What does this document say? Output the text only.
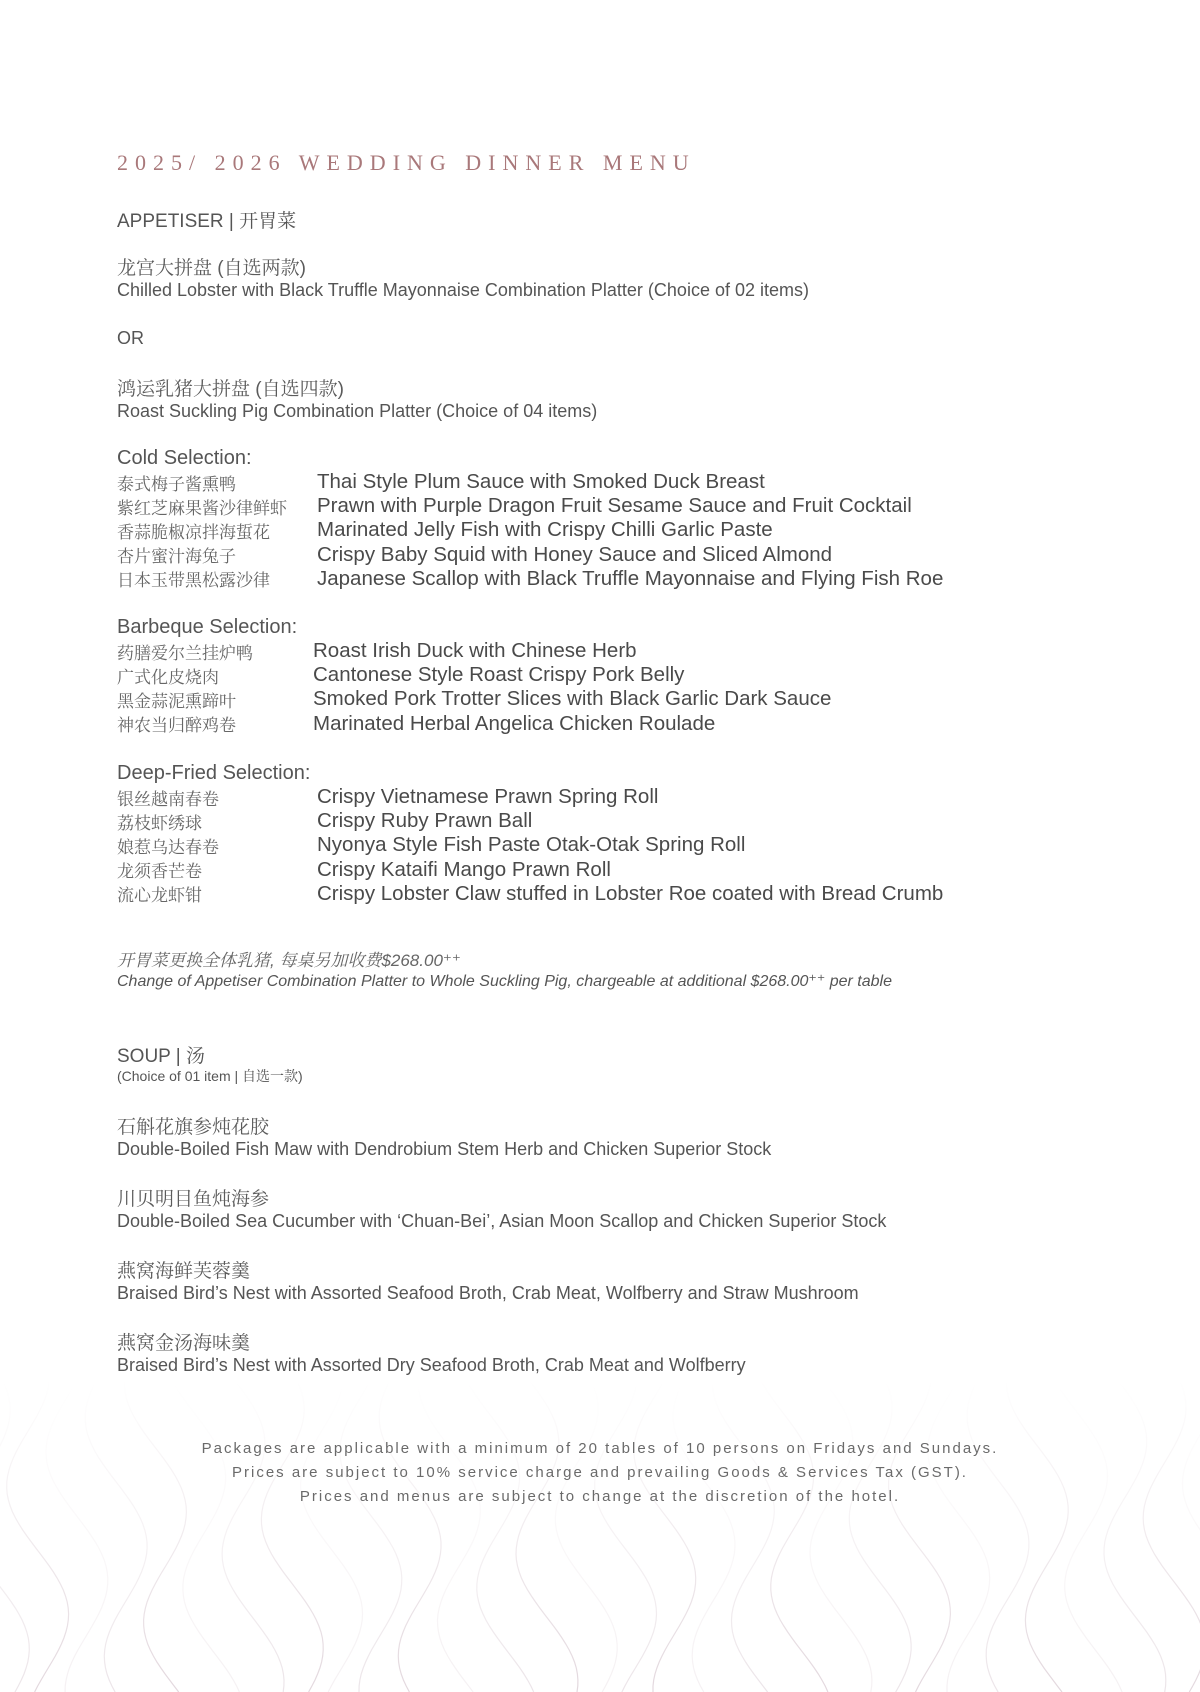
2025/ 2026 WEDDING DINNER MENU
APPETISER | 开胃菜
龙宫大拼盘 (自选两款)
Chilled Lobster with Black Truffle Mayonnaise Combination Platter (Choice of 02 items)
OR
鸿运乳猪大拼盘 (自选四款)
Roast Suckling Pig Combination Platter (Choice of 04 items)
Cold Selection:
泰式梅子酱熏鸭	Thai Style Plum Sauce with Smoked Duck Breast
紫红芝麻果酱沙律鲜虾	Prawn with Purple Dragon Fruit Sesame Sauce and Fruit Cocktail
香蒜脆椒凉拌海蜇花	Marinated Jelly Fish with Crispy Chilli Garlic Paste
杏片蜜汁海兔子	Crispy Baby Squid with Honey Sauce and Sliced Almond
日本玉带黑松露沙律	Japanese Scallop with Black Truffle Mayonnaise and Flying Fish Roe
Barbeque Selection:
药膳爱尔兰挂炉鸭	Roast Irish Duck with Chinese Herb
广式化皮烧肉	Cantonese Style Roast Crispy Pork Belly
黑金蒜泥熏蹄叶	Smoked Pork Trotter Slices with Black Garlic Dark Sauce
神农当归醉鸡卷	Marinated Herbal Angelica Chicken Roulade
Deep-Fried Selection:
银丝越南春卷	Crispy Vietnamese Prawn Spring Roll
荔枝虾绣球	Crispy Ruby Prawn Ball
娘惹乌达春卷	Nyonya Style Fish Paste Otak-Otak Spring Roll
龙须香芒卷	Crispy Kataifi Mango Prawn Roll
流心龙虾钳	Crispy Lobster Claw stuffed in Lobster Roe coated with Bread Crumb
开胃菜更换全体乳猪, 每桌另加收费$268.00⁺⁺
Change of Appetiser Combination Platter to Whole Suckling Pig, chargeable at additional $268.00⁺⁺ per table
SOUP | 汤
(Choice of 01 item | 自选一款)
石斛花旗参炖花胶
Double-Boiled Fish Maw with Dendrobium Stem Herb and Chicken Superior Stock
川贝明目鱼炖海参
Double-Boiled Sea Cucumber with ‘Chuan-Bei’, Asian Moon Scallop and Chicken Superior Stock
燕窝海鲜芙蓉羹
Braised Bird’s Nest with Assorted Seafood Broth, Crab Meat, Wolfberry and Straw Mushroom
燕窝金汤海味羹
Braised Bird’s Nest with Assorted Dry Seafood Broth, Crab Meat and Wolfberry
Packages are applicable with a minimum of 20 tables of 10 persons on Fridays and Sundays.
Prices are subject to 10% service charge and prevailing Goods & Services Tax (GST).
Prices and menus are subject to change at the discretion of the hotel.
